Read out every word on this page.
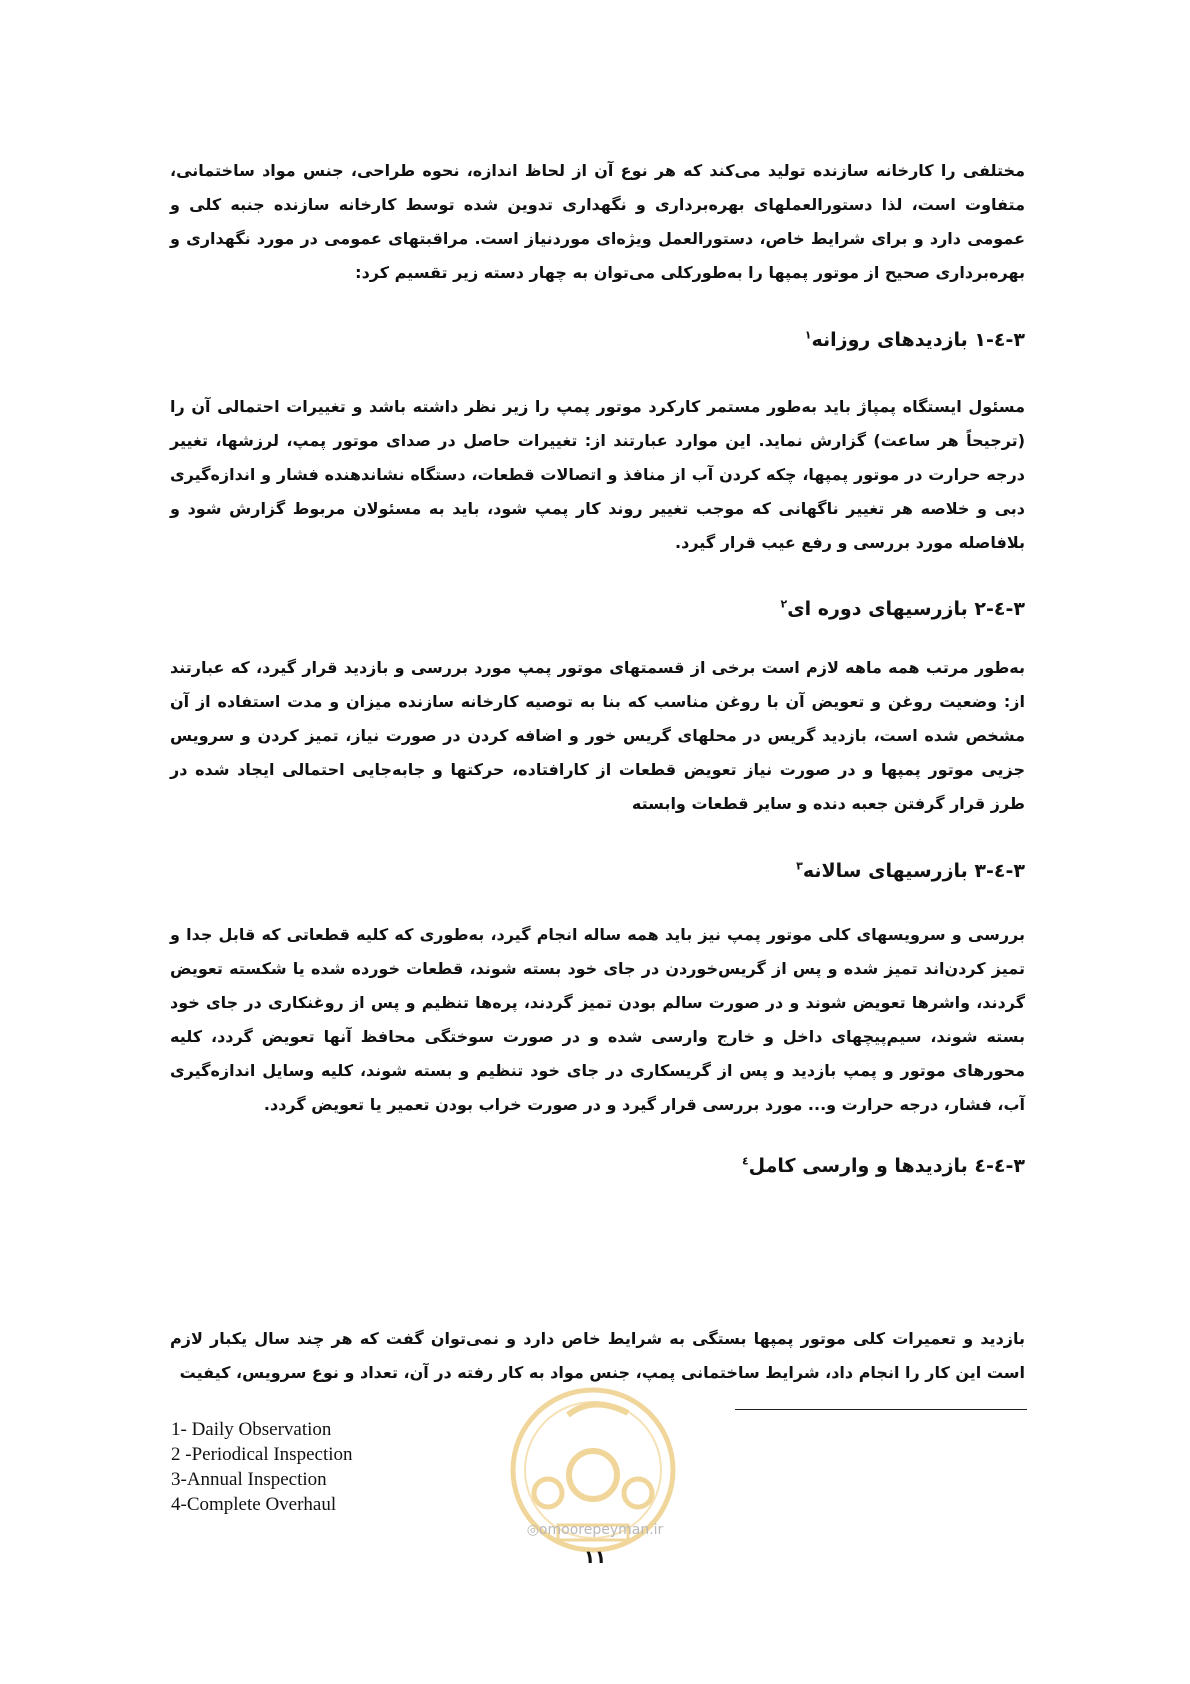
مختلفی را کارخانه سازنده تولید می‌کند که هر نوع آن از لحاظ اندازه، نحوه طراحی، جنس مواد ساختمانی، متفاوت است، لذا دستورالعملهای بهره‌برداری و نگهداری تدوین شده توسط کارخانه سازنده جنبه کلی و عمومی دارد و برای شرایط خاص، دستورالعمل ویژه‌ای موردنیاز است. مراقبتهای عمومی در مورد نگهداری و بهره‌برداری صحیح از موتور پمپها را به‌طورکلی می‌توان به چهار دسته زیر تقسیم کرد:

۳-٤-۱ بازدیدهای روزانه$^۱$

مسئول ایستگاه پمپاژ باید به‌طور مستمر کارکرد موتور پمپ را زیر نظر داشته باشد و تغییرات احتمالی آن را (ترجیحاً هر ساعت) گزارش نماید. این موارد عبارتند از: تغییرات حاصل در صدای موتور پمپ، لرزشها، تغییر درجه حرارت در موتور پمپها، چکه کردن آب از منافذ و اتصالات قطعات، دستگاه نشاندهنده فشار و اندازه‌گیری دبی و خلاصه هر تغییر ناگهانی که موجب تغییر روند کار پمپ شود، باید به مسئولان مربوط گزارش شود و بلافاصله مورد بررسی و رفع عیب قرار گیرد.

۳-٤-۲ بازرسیهای دوره ای$^۲$

به‌طور مرتب همه ماهه لازم است برخی از قسمتهای موتور پمپ مورد بررسی و بازدید قرار گیرد، که عبارتند از: وضعیت روغن و تعویض آن با روغن مناسب که بنا به توصیه کارخانه سازنده میزان و مدت استفاده از آن مشخص شده است، بازدید گریس در محلهای گریس خور و اضافه کردن در صورت نیاز، تمیز کردن و سرویس جزیی موتور پمپها و در صورت نیاز تعویض قطعات از کارافتاده، حرکتها و جابه‌جایی احتمالی ایجاد شده در طرز قرار گرفتن جعبه دنده و سایر قطعات وابسته

۳-٤-۳ بازرسیهای سالانه$^۳$

بررسی و سرویسهای کلی موتور پمپ نیز باید همه ساله انجام گیرد، به‌طوری که کلیه قطعاتی که قابل جدا و تمیز کردن‌اند تمیز شده و پس از گریس‌خوردن در جای خود بسته شوند، قطعات خورده شده یا شکسته تعویض گردند، واشرها تعویض شوند و در صورت سالم بودن تمیز گردند، پره‌ها تنظیم و پس از روغنکاری در جای خود بسته شوند، سیم‌پیچهای داخل و خارج وارسی شده و در صورت سوختگی محافظ آنها تعویض گردد، کلیه محورهای موتور و پمپ بازدید و پس از گریسکاری در جای خود تنظیم و بسته شوند، کلیه وسایل اندازه‌گیری آب، فشار، درجه حرارت و... مورد بررسی قرار گیرد و در صورت خراب بودن تعمیر یا تعویض گردد.

۳-٤-٤ بازدیدها و وارسی کامل$^٤$

بازدید و تعمیرات کلی موتور پمپها بستگی به شرایط خاص دارد و نمی‌توان گفت که هر چند سال یکبار لازم است این کار را انجام داد، شرایط ساختمانی پمپ، جنس مواد به کار رفته در آن، تعداد و نوع سرویس، کیفیت

1- Daily Observation
2 -Periodical Inspection
3-Annual Inspection
4-Complete Overhaul
◎omoorepeyman.ir
۱۱
